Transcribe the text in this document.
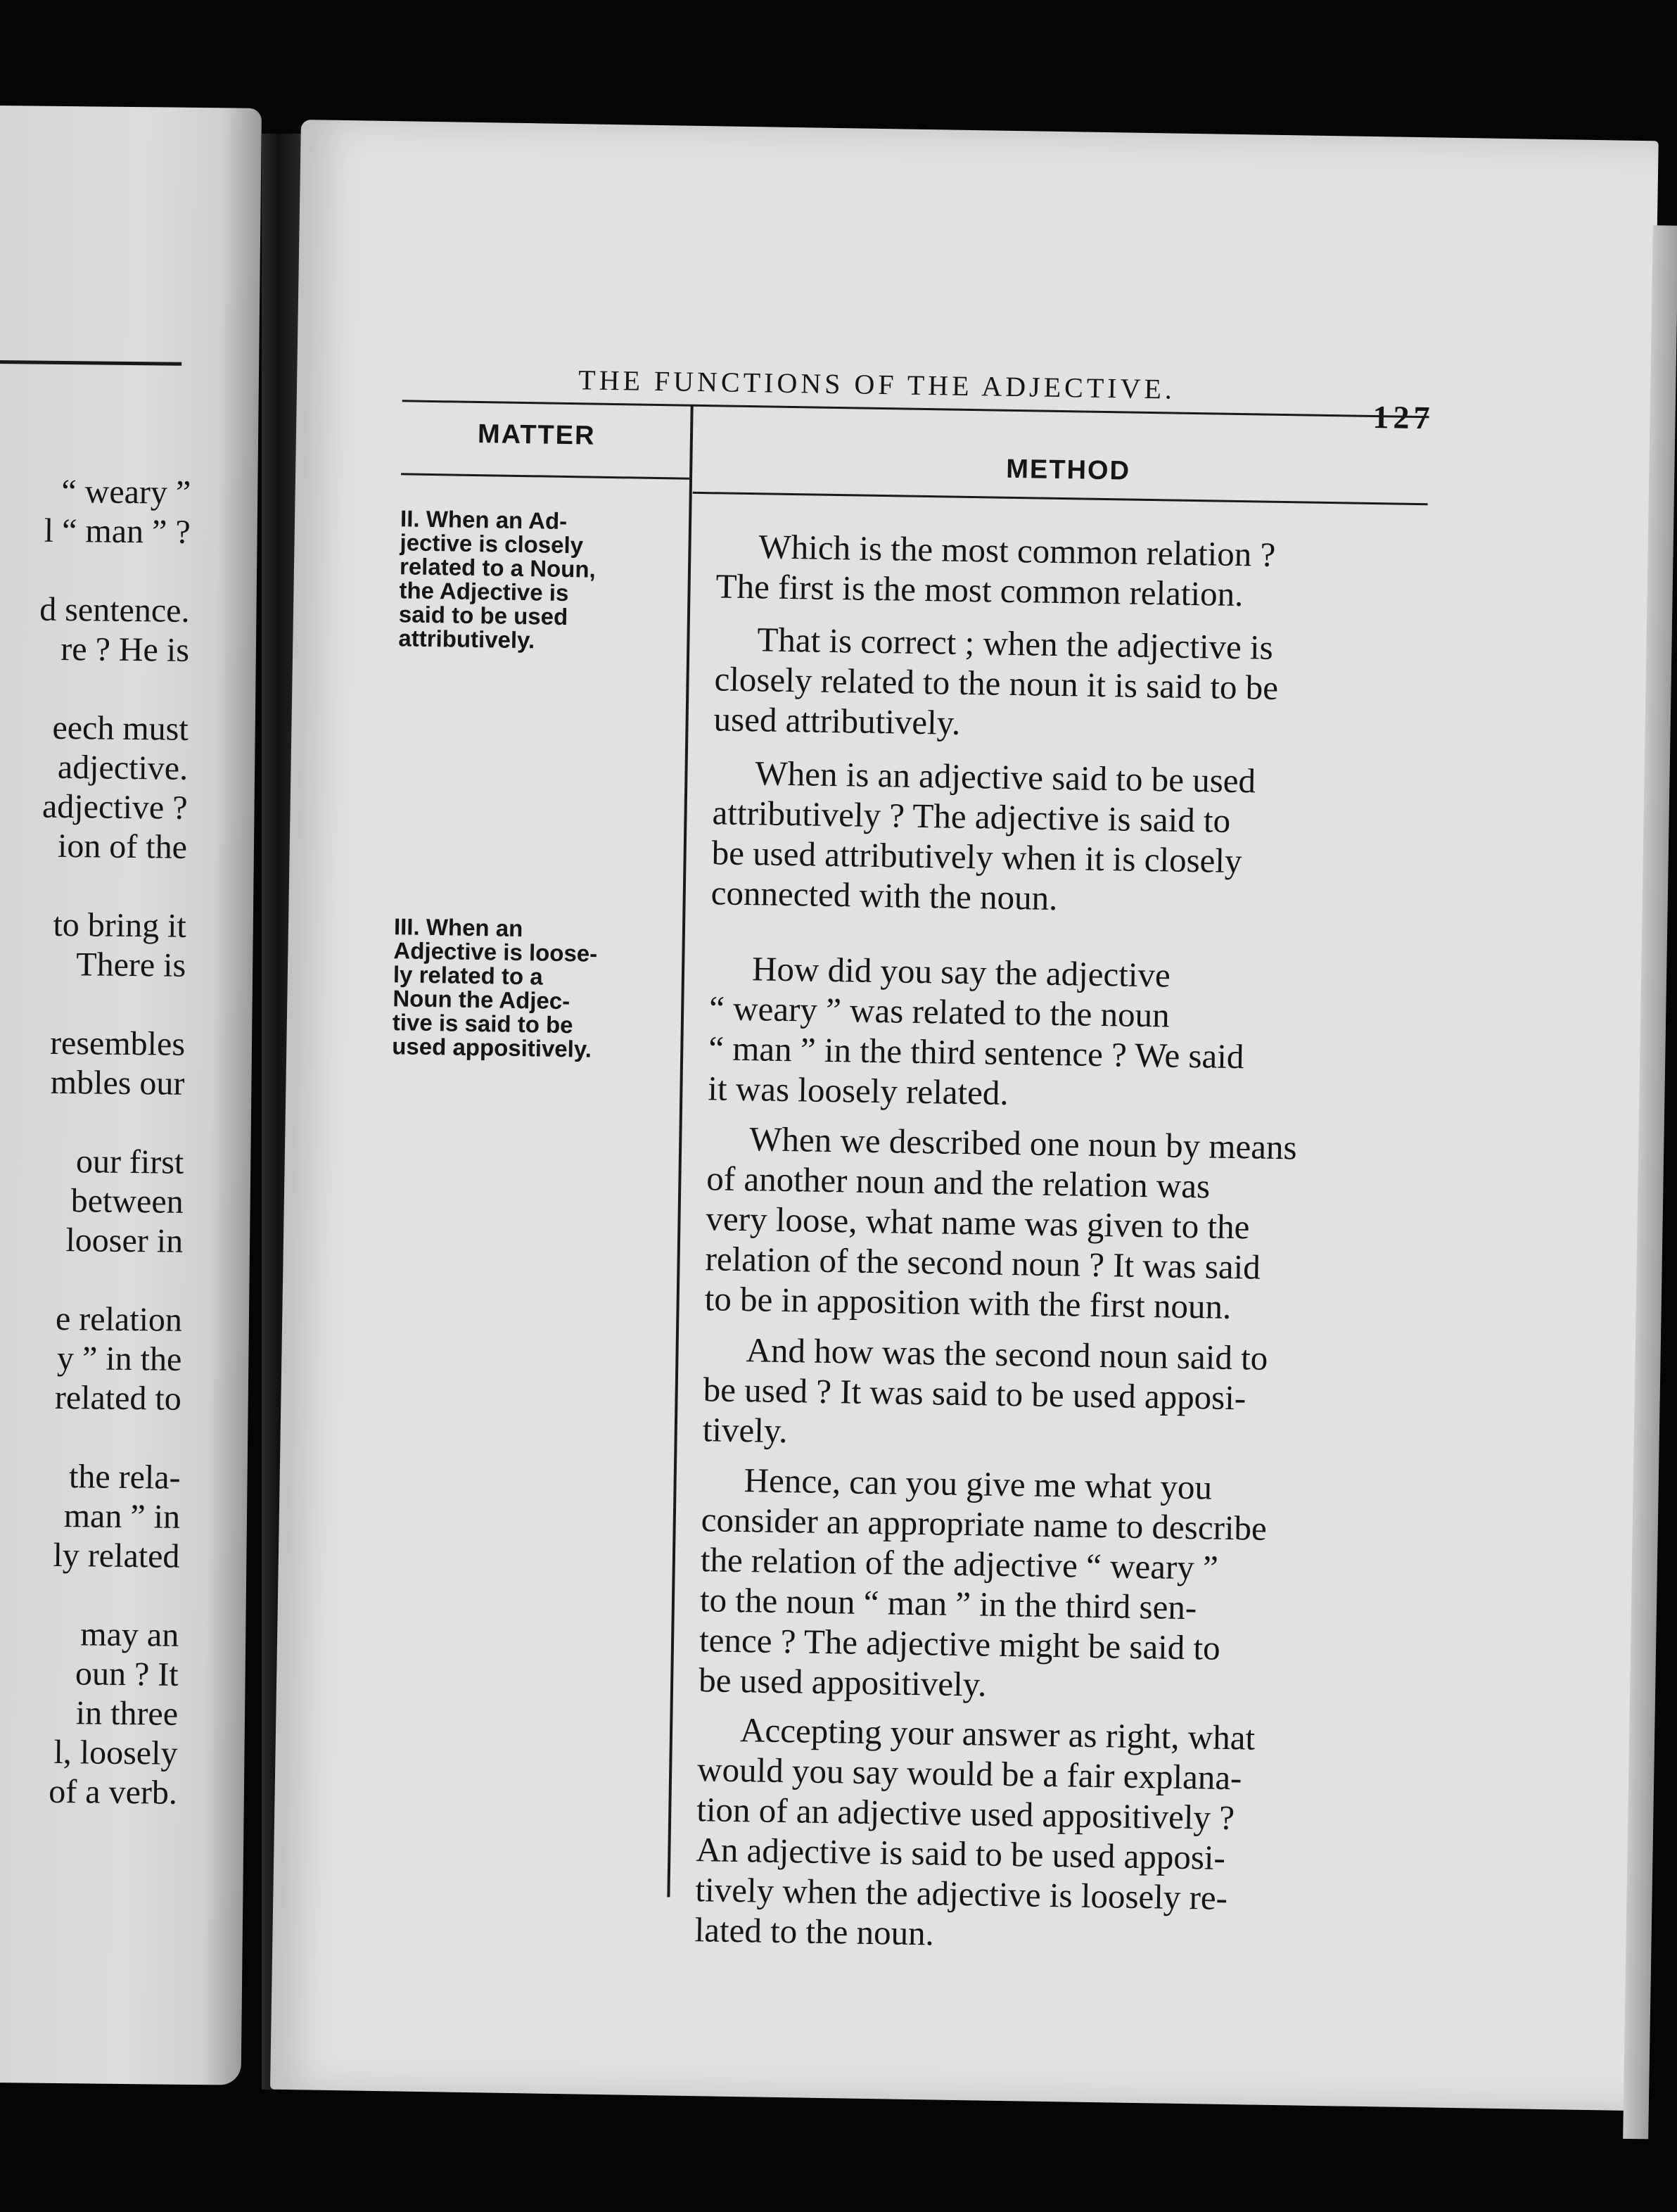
“ weary ”
l “ man ” ?
d sentence.
re ? He is
eech must
adjective.
adjective ?
ion of the
to bring it
There is
resembles
mbles our
our first
between
looser in
e relation
y ” in the
related to
the rela-
man ” in
ly related
may an
oun ? It
in three
l, loosely
of a verb.
THE FUNCTIONS OF THE ADJECTIVE.
127
MATTER
METHOD
II. When an Ad-
jective is closely
related to a Noun,
the Adjective is
said to be used
attributively.
III. When an
Adjective is loose-
ly related to a
Noun the Adjec-
tive is said to be
used appositively.
Which is the most common relation ?
The first is the most common relation.
That is correct ; when the adjective is
closely related to the noun it is said to be
used attributively.
When is an adjective said to be used
attributively ? The adjective is said to
be used attributively when it is closely
connected with the noun.
How did you say the adjective
“ weary ” was related to the noun
“ man ” in the third sentence ? We said
it was loosely related.
When we described one noun by means
of another noun and the relation was
very loose, what name was given to the
relation of the second noun ? It was said
to be in apposition with the first noun.
And how was the second noun said to
be used ? It was said to be used apposi-
tively.
Hence, can you give me what you
consider an appropriate name to describe
the relation of the adjective “ weary ”
to the noun “ man ” in the third sen-
tence ? The adjective might be said to
be used appositively.
Accepting your answer as right, what
would you say would be a fair explana-
tion of an adjective used appositively ?
An adjective is said to be used apposi-
tively when the adjective is loosely re-
lated to the noun.
